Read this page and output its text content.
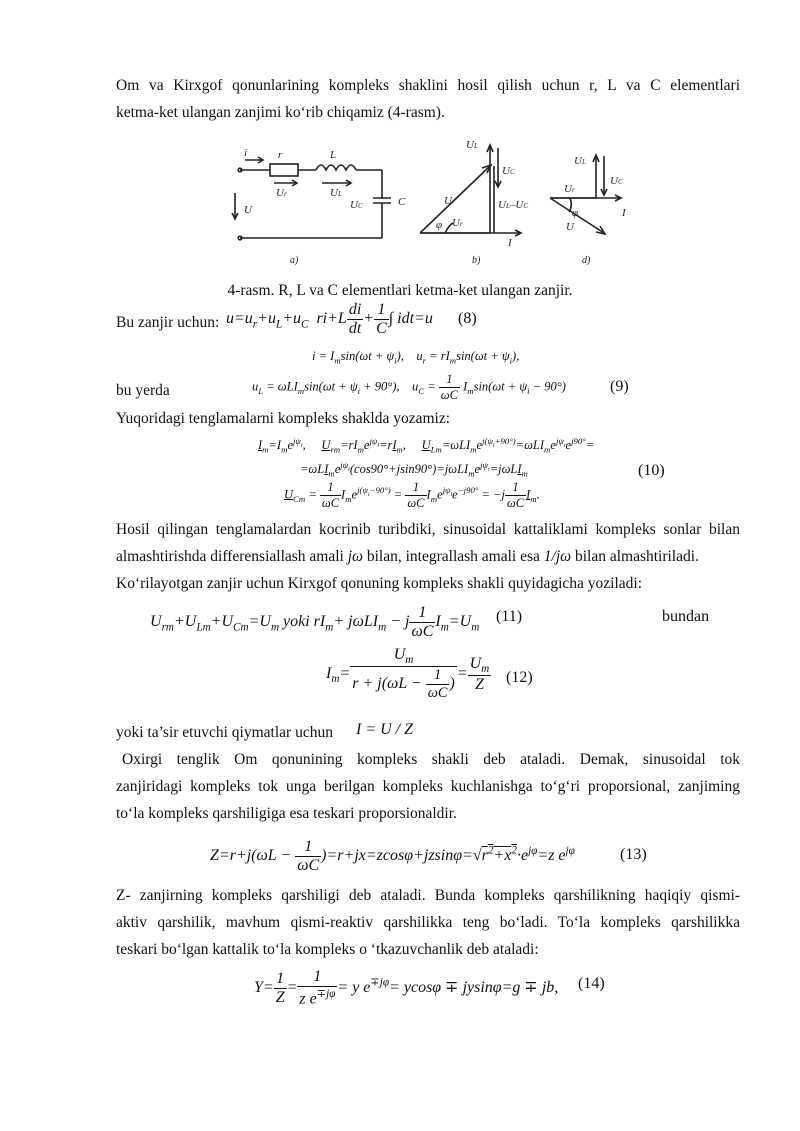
Om va Kirxgof qonunlarining kompleks shaklini hosil qilish uchun r, L va C elementlari
ketma-ket ulangan zanjimi ko‘rib chiqamiz (4-rasm).
i	r	L
U
Ur	UL
UC	C
UL
UC
U
φ Ur
UL–UC
I
UL
UC
Ur
φ	I
U
a)	b)	d)
4-rasm. R, L va C elementlari ketma-ket ulangan zanjir.
Bu zanjir uchun: $u=u_r+u_L+u_C$  $ri+L \frac{di}{dt} + \frac{1}{C}$ ∫ idt=u (8)
$i = I_m\sin(\omega t + \psi_i)$,    $u_r = rI_m\sin(\omega t + \psi_i)$,
bu yerda	$u_L = \omega LI_m\sin(\omega t + \psi_i + 90^\circ)$,    $u_C = \frac{1}{\omega C} I_m\sin(\omega t + \psi_i - 90^\circ)$	(9)
Yuqoridagi tenglamalarni kompleks shaklda yozamiz:
$I_m=I_me^{j\psi_i}$,     $U_{rm}=rI_me^{j\psi_i}=rI_m$,     $U_{Lm}=\omega LI_me^{j(\psi_i+90^\circ)}=\omega LI_me^{j\psi_i}e^{j90^\circ}=$
$=\omega LI_me^{j\psi_i}(\cos 90^\circ+jsin90^\circ)=j\omega LI_me^{j\psi_i}=j\omega LI_m$	(10)
$U_{Cm} = \frac{1}{\omega C} I_me^{j(\psi_i-90^\circ)} = \frac{1}{\omega C} I_me^{j\psi_i}e^{-j90^\circ} = -j \frac{1}{\omega C} I_m$.
Hosil qilingan tenglamalardan kocrinib turibdiki, sinusoidal kattaliklami kompleks sonlar bilan
almashtirishda differensiallash amali jω bilan, integrallash amali esa 1/jω bilan almashtiriladi.
Ko‘rilayotgan zanjir uchun Kirxgof qonuning kompleks shakli quyidagicha yoziladi:
$U_{rm}+U_{Lm}+U_{Cm}=U_m$ yoki $rI_m+ j\omega LI_m - j \frac{1}{\omega C} I_m=U_m$
(11)	bundan
$I_m= \frac{U_m}{r + j(\omega L - \frac{1}{\omega C} )} = \frac{U_m}{Z} (12)$
yoki ta’sir etuvchi qiymatlar uchun I = U / Z
Oxirgi tenglik Om qonunining kompleks shakli deb ataladi. Demak, sinusoidal tok
zanjiridagi kompleks tok unga berilgan kompleks kuchlanishga to‘g‘ri proporsional, zanjiming
to‘la kompleks qarshiligiga esa teskari proporsionaldir.
$Z=r+j(\omega L - \frac{1}{\omega C} )=r+jx=zcos\varphi+jzsin\varphi=√r^2+x^2\cdot e^{j\varphi}=z$ $e^{j\varphi}$	(13)
Z- zanjirning kompleks qarshiligi deb ataladi. Bunda kompleks qarshilikning haqiqiy qismi-
aktiv qarshilik, mavhum qismi-reaktiv qarshilikka teng bo‘ladi. To‘la kompleks qarshilikka
teskari bo‘lgan kattalik to‘la kompleks o ‘tkazuvchanlik deb ataladi:
$Y= \frac{1}{Z} = \frac{1}{z e^{\mp j\varphi}} = y$ $e^{\mp j\varphi}= ycos\varphi \mp jysin\varphi=g$ ∓ jb, (14)
